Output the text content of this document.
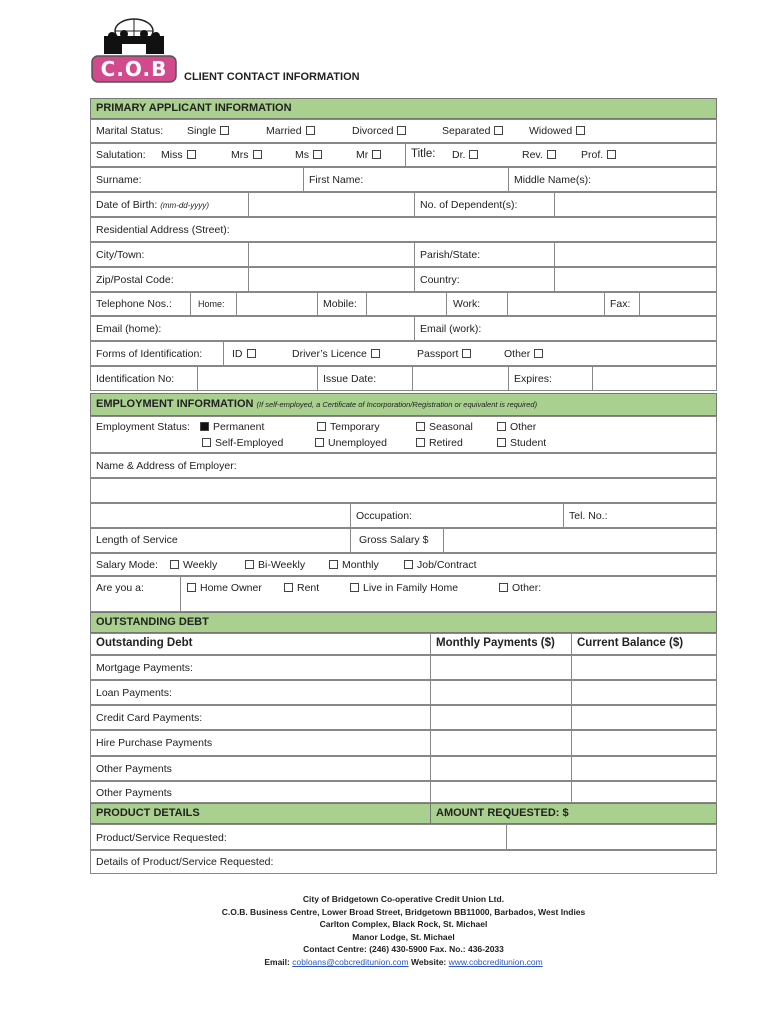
C.O.B	CLIENT CONTACT INFORMATION
PRIMARY APPLICANT INFORMATION
Marital Status: Single	Married	Divorced	Separated	Widowed
Salutation: Miss	Mrs	Ms	Mr	Title: Dr.	Rev.	Prof.
Surname:	First Name:	Middle Name(s):
Date of Birth: (mm-dd-yyyy)	No. of Dependent(s):
Residential Address (Street):
City/Town:	Parish/State:
Zip/Postal Code:	Country:
Telephone Nos.:	Home:	Mobile:	Work:	Fax:
Email (home):	Email (work):
Forms of Identification:	ID	Driver’s Licence	Passport	Other
Identification No:	Issue Date:	Expires:
EMPLOYMENT INFORMATION (If self-employed, a Certificate of Incorporation/Registration or equivalent is required)
Employment Status:	Permanent	Temporary	Seasonal	Other
Self-Employed	Unemployed	Retired	Student
Name & Address of Employer:
Occupation:	Tel. No.:
Length of Service	Gross Salary $
Salary Mode:	Weekly	Bi-Weekly	Monthly	Job/Contract
Are you a:	Home Owner	Rent	Live in Family Home	Other:
OUTSTANDING DEBT
Outstanding Debt	Monthly Payments ($) Current Balance ($)
Mortgage Payments:
Loan Payments:
Credit Card Payments:
Hire Purchase Payments
Other Payments
Other Payments
PRODUCT DETAILS	AMOUNT REQUESTED: $
Product/Service Requested:
Details of Product/Service Requested:
City of Bridgetown Co-operative Credit Union Ltd.
C.O.B. Business Centre, Lower Broad Street, Bridgetown BB11000, Barbados, West Indies
Carlton Complex, Black Rock, St. Michael
Manor Lodge, St. Michael
Contact Centre: (246) 430-5900 Fax. No.: 436-2033
Email: cobloans@cobcreditunion.com Website: www.cobcreditunion.com
